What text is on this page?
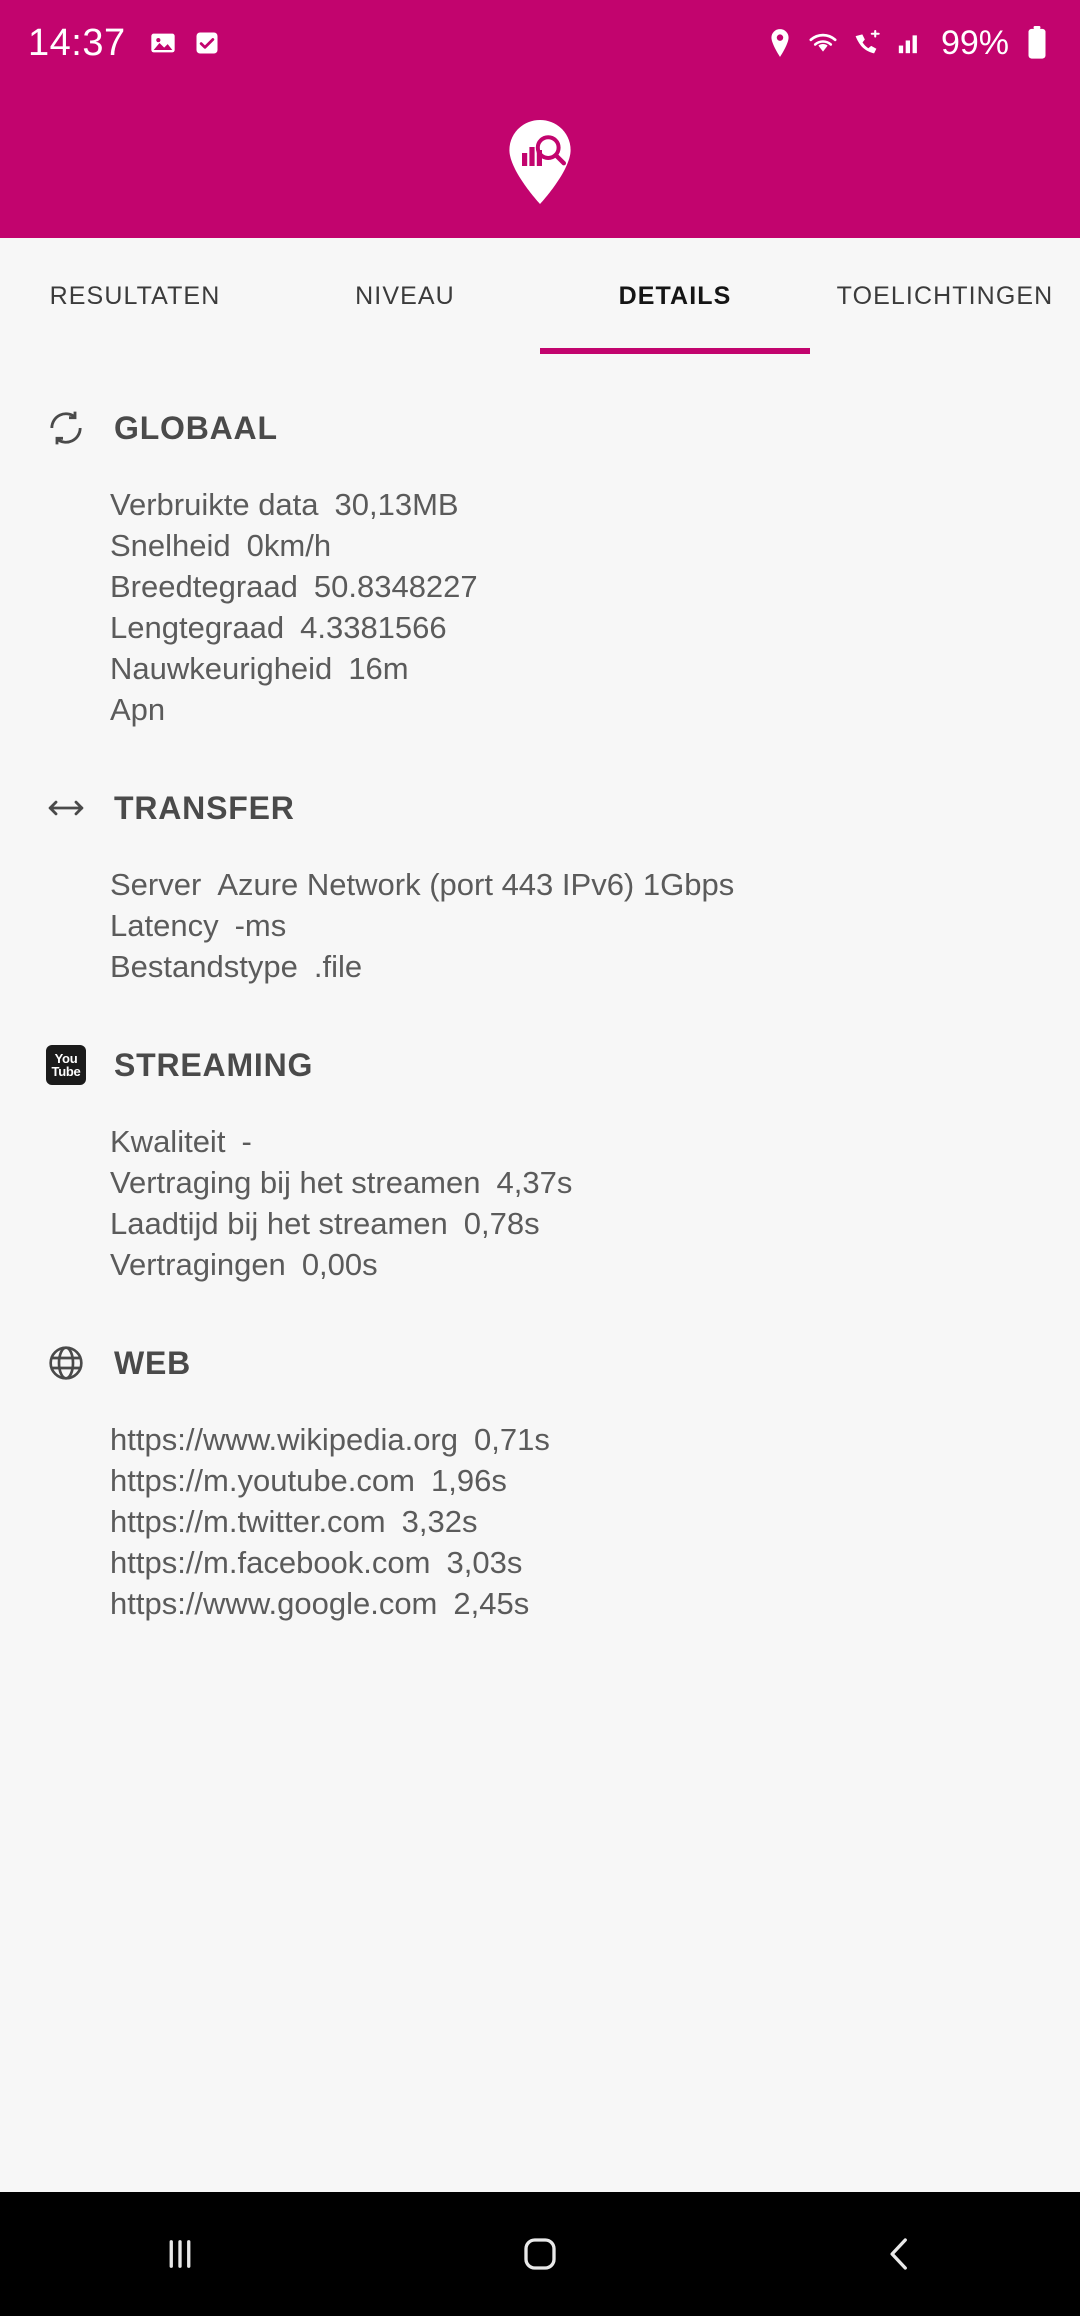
14:37	99%
RESULTATEN	NIVEAU	DETAILS	TOELICHTINGEN
GLOBAAL
Verbruikte data 30,13MB
Snelheid 0km/h
Breedtegraad 50.8348227
Lengtegraad 4.3381566
Nauwkeurigheid 16m
Apn
TRANSFER
Server Azure Network (port 443 IPv6) 1Gbps
Latency -ms
Bestandstype .file
You
Tube STREAMING
Kwaliteit -
Vertraging bij het streamen 4,37s
Laadtijd bij het streamen 0,78s
Vertragingen 0,00s
WEB
https://www.wikipedia.org 0,71s
https://m.youtube.com 1,96s
https://m.twitter.com 3,32s
https://m.facebook.com 3,03s
https://www.google.com 2,45s
